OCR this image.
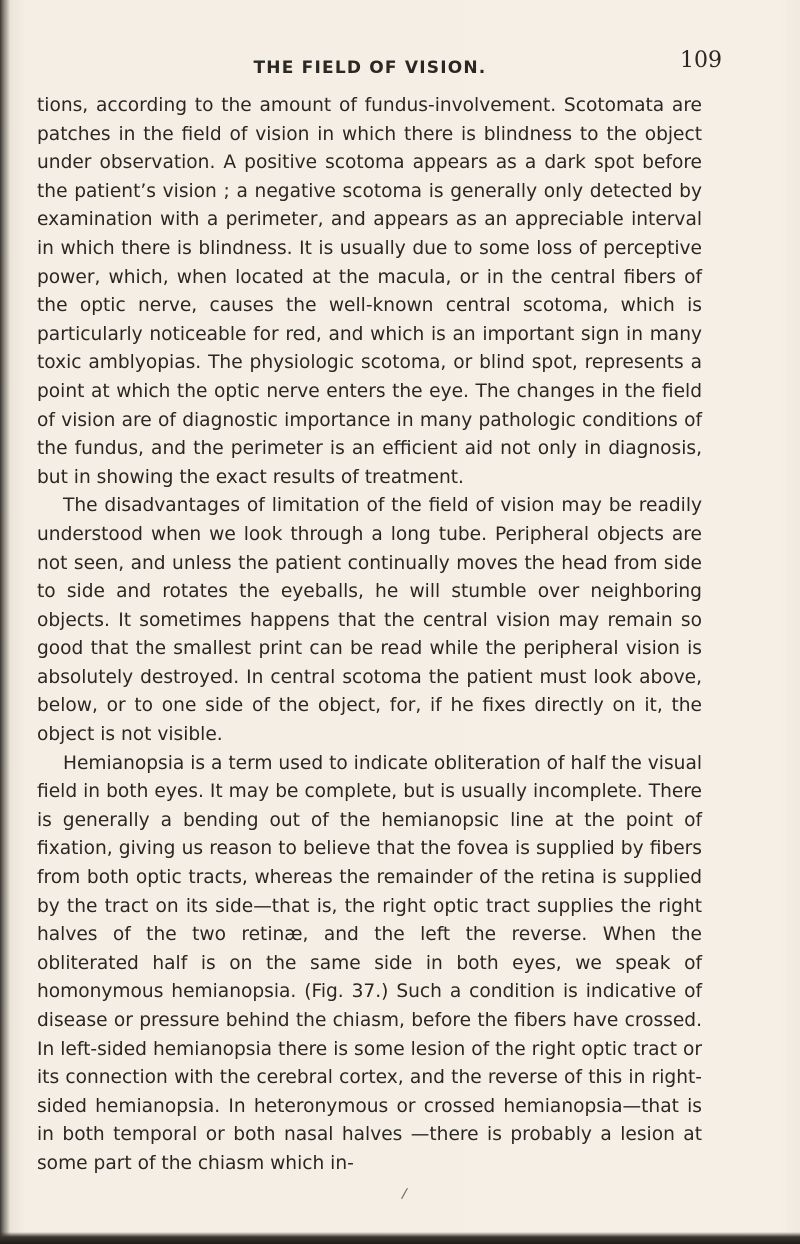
THE FIELD OF VISION.	109

tions, according to the amount of fundus-involvement. Scotomata are patches in the field of vision in which there is blindness to the object under observation. A positive scotoma appears as a dark spot before the patient’s vision ; a negative scotoma is generally only detected by examination with a perimeter, and appears as an appreciable interval in which there is blindness. It is usually due to some loss of perceptive power, which, when located at the macula, or in the central fibers of the optic nerve, causes the well-known central scotoma, which is particularly noticeable for red, and which is an important sign in many toxic amblyopias. The physiologic scotoma, or blind spot, represents a point at which the optic nerve enters the eye. The changes in the field of vision are of diagnostic importance in many pathologic conditions of the fundus, and the perimeter is an efficient aid not only in diagnosis, but in showing the exact results of treatment.

The disadvantages of limitation of the field of vision may be readily understood when we look through a long tube. Peripheral objects are not seen, and unless the patient continually moves the head from side to side and rotates the eyeballs, he will stumble over neighboring objects. It sometimes happens that the central vision may remain so good that the smallest print can be read while the peripheral vision is absolutely destroyed. In central scotoma the patient must look above, below, or to one side of the object, for, if he fixes directly on it, the object is not visible.

Hemianopsia is a term used to indicate obliteration of half the visual field in both eyes. It may be complete, but is usually incomplete. There is generally a bending out of the hemianopsic line at the point of fixation, giving us reason to believe that the fovea is supplied by fibers from both optic tracts, whereas the remainder of the retina is supplied by the tract on its side—that is, the right optic tract supplies the right halves of the two retinæ, and the left the reverse. When the obliterated half is on the same side in both eyes, we speak of homonymous hemianopsia. (Fig. 37.) Such a condition is indicative of disease or pressure behind the chiasm, before the fibers have crossed. In left-sided hemianopsia there is some lesion of the right optic tract or its connection with the cerebral cortex, and the reverse of this in right-sided hemianopsia. In heteronymous or crossed hemianopsia—that is in both temporal or both nasal halves —there is probably a lesion at some part of the chiasm which in-

/
